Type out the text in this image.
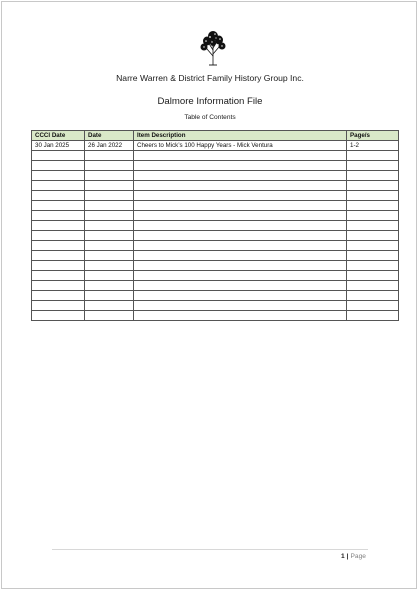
Narre Warren & District Family History Group Inc.
Dalmore Information File
Table of Contents
CCCI Date	Date	Item Description	Page/s
30 Jan 2025	26 Jan 2022	Cheers to Mick’s 100 Happy Years - Mick Ventura	1-2

1 | Page
